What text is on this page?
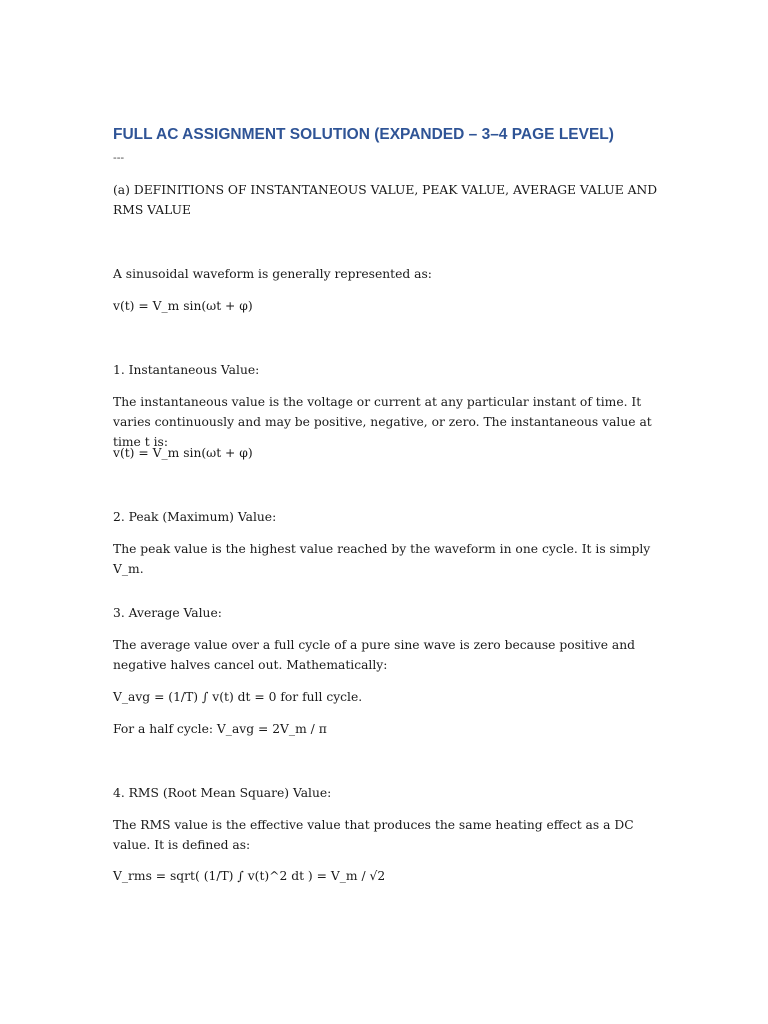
FULL AC ASSIGNMENT SOLUTION (EXPANDED – 3–4 PAGE LEVEL)
---

(a) DEFINITIONS OF INSTANTANEOUS VALUE, PEAK VALUE, AVERAGE VALUE AND RMS VALUE

A sinusoidal waveform is generally represented as:

v(t) = V_m sin(ωt + φ)

1. Instantaneous Value:

The instantaneous value is the voltage or current at any particular instant of time. It varies continuously and may be positive, negative, or zero. The instantaneous value at time t is:

v(t) = V_m sin(ωt + φ)

2. Peak (Maximum) Value:

The peak value is the highest value reached by the waveform in one cycle. It is simply V_m.

3. Average Value:

The average value over a full cycle of a pure sine wave is zero because positive and negative halves cancel out. Mathematically:

V_avg = (1/T) ∫ v(t) dt = 0 for full cycle.

For a half cycle: V_avg = 2V_m / π

4. RMS (Root Mean Square) Value:

The RMS value is the effective value that produces the same heating effect as a DC value. It is defined as:

V_rms = sqrt( (1/T) ∫ v(t)^2 dt ) = V_m / √2
